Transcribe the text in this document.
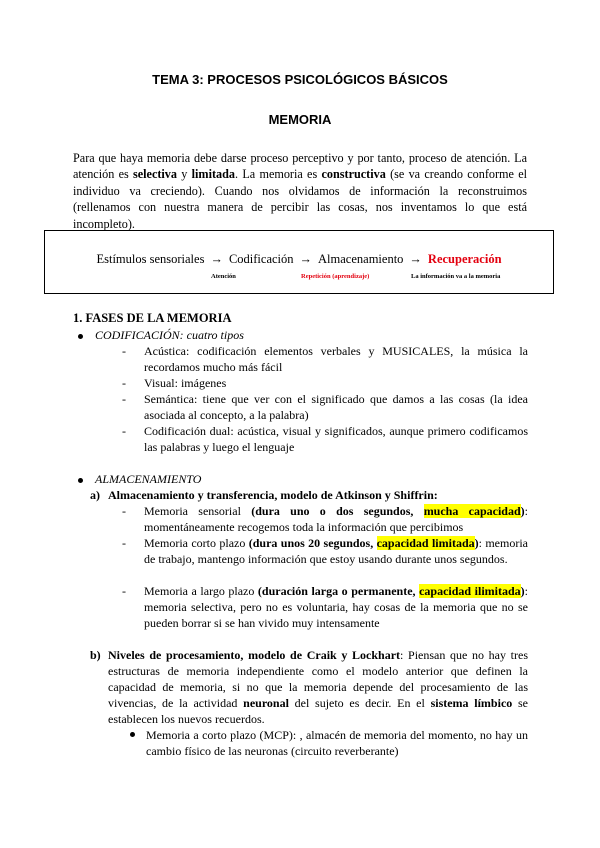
TEMA 3: PROCESOS PSICOLÓGICOS BÁSICOS
MEMORIA
Para que haya memoria debe darse proceso perceptivo y por tanto, proceso de atención. La atención es selectiva y limitada. La memoria es constructiva (se va creando conforme el individuo va creciendo). Cuando nos olvidamos de información la reconstruimos (rellenamos con nuestra manera de percibir las cosas, nos inventamos lo que está incompleto).
Estímulos sensoriales → Codificación → Almacenamiento → Recuperación
Atención	Repetición (aprendizaje)	La información va a la memoria
1. FASES DE LA MEMORIA
CODIFICACIÓN: cuatro tipos
- Acústica: codificación elementos verbales y MUSICALES, la música la recordamos mucho más fácil
- Visual: imágenes
- Semántica: tiene que ver con el significado que damos a las cosas (la idea asociada al concepto, a la palabra)
- Codificación dual: acústica, visual y significados, aunque primero codificamos las palabras y luego el lenguaje
ALMACENAMIENTO
a) Almacenamiento y transferencia, modelo de Atkinson y Shiffrin:
- Memoria sensorial (dura uno o dos segundos, mucha capacidad): momentáneamente recogemos toda la información que percibimos
- Memoria corto plazo (dura unos 20 segundos, capacidad limitada): memoria de trabajo, mantengo información que estoy usando durante unos segundos.
- Memoria a largo plazo (duración larga o permanente, capacidad ilimitada): memoria selectiva, pero no es voluntaria, hay cosas de la memoria que no se pueden borrar si se han vivido muy intensamente
b) Niveles de procesamiento, modelo de Craik y Lockhart: Piensan que no hay tres estructuras de memoria independiente como el modelo anterior que definen la capacidad de memoria, si no que la memoria depende del procesamiento de las vivencias, de la actividad neuronal del sujeto es decir. En el sistema límbico se establecen los nuevos recuerdos.
Memoria a corto plazo (MCP): , almacén de memoria del momento, no hay un cambio físico de las neuronas (circuito reverberante)
